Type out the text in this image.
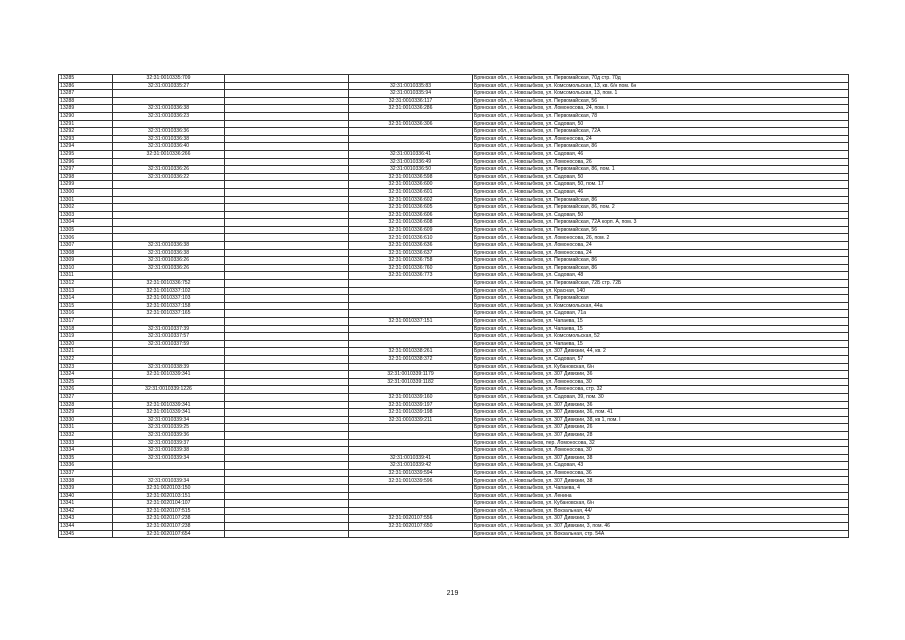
13285	32:31:0010335:709			Брянская обл., г. Новозыбков, ул. Первомайская, 70д стр. 70д
13286	32:31:0010335:27		32:31:0010335:83	Брянская обл., г. Новозыбков, ул. Комсомольская, 13, кв. 6/н пом. 6н
13287			32:31:0010335:94	Брянская обл., г. Новозыбков, ул. Комсомольская, 13, пом. 1
13288			32:31:0010336:117	Брянская обл., г. Новозыбков, ул. Первомайская, 56
13289	32:31:0010336:38		32:31:0010336:286	Брянская обл., г. Новозыбков, ул. Ломоносова, 24, пом. I
13290	32:31:0010336:23			Брянская обл., г. Новозыбков, ул. Первомайская, 78
13291			32:31:0010336:306	Брянская обл., г. Новозыбков, ул. Садовая, 50
13292	32:31:0010336:36			Брянская обл., г. Новозыбков, ул. Первомайская, 72А
13293	32:31:0010336:38			Брянская обл., г. Новозыбков, ул. Ломоносова, 24
13294	32:31:0010336:40			Брянская обл., г. Новозыбков, ул. Первомайская, 86
13295	32:31:0010336:266		32:31:0010336:41	Брянская обл., г. Новозыбков, ул. Садовая, 46
13296			32:31:0010336:49	Брянская обл., г. Новозыбков, ул. Ломоносова, 26
13297	32:31:0010336:26		32:31:0010336:50	Брянская обл., г. Новозыбков, ул. Первомайская, 86, пом. 1
13298	32:31:0010336:22		32:31:0010336:598	Брянская обл., г. Новозыбков, ул. Садовая, 50
13299			32:31:0010336:600	Брянская обл., г. Новозыбков, ул. Садовая, 50, пом. 17
13300			32:31:0010336:601	Брянская обл., г. Новозыбков, ул. Садовая, 46
13301			32:31:0010336:602	Брянская обл., г. Новозыбков, ул. Первомайская, 86
13302			32:31:0010336:605	Брянская обл., г. Новозыбков, ул. Первомайская, 86, пом. 2
13303			32:31:0010336:606	Брянская обл., г. Новозыбков, ул. Садовая, 50
13304			32:31:0010336:608	Брянская обл., г. Новозыбков, ул. Первомайская, 72А корп. А, пом. 3
13305			32:31:0010336:609	Брянская обл., г. Новозыбков, ул. Первомайская, 56
13306			32:31:0010336:610	Брянская обл., г. Новозыбков, ул. Ломоносова, 26, пом. 2
13307	32:31:0010336:38		32:31:0010336:636	Брянская обл., г. Новозыбков, ул. Ломоносова, 24
13308	32:31:0010336:38		32:31:0010336:637	Брянская обл., г. Новозыбков, ул. Ломоносова, 24
13309	32:31:0010336:26		32:31:0010336:758	Брянская обл., г. Новозыбков, ул. Первомайская, 86
13310	32:31:0010336:26		32:31:0010336:760	Брянская обл., г. Новозыбков, ул. Первомайская, 86
13311			32:31:0010336:773	Брянская обл., г. Новозыбков, ул. Садовая, 48
13312	32:31:0010336:752			Брянская обл., г. Новозыбков, ул. Первомайская, 72Б стр. 72Б
13313	32:31:0010337:102			Брянская обл., г. Новозыбков, ул. Красная, 140
13314	32:31:0010337:103			Брянская обл., г. Новозыбков, ул. Первомайская
13315	32:31:0010337:158			Брянская обл., г. Новозыбков, ул. Комсомольская, 44а
13316	32:31:0010337:165			Брянская обл., г. Новозыбков, ул. Садовая, 71а
13317			32:31:0010337:151	Брянская обл., г. Новозыбков, ул. Чапаева, 15
13318	32:31:0010337:39			Брянская обл., г. Новозыбков, ул. Чапаева, 15
13319	32:31:0010337:57			Брянская обл., г. Новозыбков, ул. Комсомольская, 52
13320	32:31:0010337:59			Брянская обл., г. Новозыбков, ул. Чапаева, 15
13321			32:31:0010338:261	Брянская обл., г. Новозыбков, ул. 307 Дивизии, 44, кв. 2
13322			32:31:0010338:372	Брянская обл., г. Новозыбков, ул. Садовая, 57
13323	32:31:0010338:39			Брянская обл., г. Новозыбков, ул. Кубановская, 6/н
13324	32:31:0010339:341		32:31:0010339:1179	Брянская обл., г. Новозыбков, ул. 307 Дивизии, 36
13325			32:31:0010339:1182	Брянская обл., г. Новозыбков, ул. Ломоносова, 30
13326	32:31:0010339:1226			Брянская обл., г. Новозыбков, ул. Ломоносова, стр. 32
13327			32:31:0010339:160	Брянская обл., г. Новозыбков, ул. Садовая, 39, пом. 30
13328	32:31:0010339:341		32:31:0010339:197	Брянская обл., г. Новозыбков, ул. 307 Дивизии, 36
13329	32:31:0010339:341		32:31:0010339:198	Брянская обл., г. Новозыбков, ул. 307 Дивизии, 36, пом. 41
13330	32:31:0010339:34		32:31:0010339:211	Брянская обл., г. Новозыбков, ул. 307 Дивизии, 38, кв 1, пом. I
13331	32:31:0010339:25			Брянская обл., г. Новозыбков, ул. 307 Дивизии, 26
13332	32:31:0010339:36			Брянская обл., г. Новозыбков, ул. 307 Дивизии, 28
13333	32:31:0010339:37			Брянская обл., г. Новозыбков, пер. Ломоносова, 32
13334	32:31:0010339:38			Брянская обл., г. Новозыбков, ул. Ломоносова, 30
13335	32:31:0010339:34		32:31:0010339:41	Брянская обл., г. Новозыбков, ул. 307 Дивизии, 38
13336			32:31:0010339:42	Брянская обл., г. Новозыбков, ул. Садовая, 43
13337			32:31:0010339:594	Брянская обл., г. Новозыбков, ул. Ломоносова, 36
13338	32:31:0010339:34		32:31:0010339:596	Брянская обл., г. Новозыбков, ул. 307 Дивизии, 38
13339	32:31:0020103:150			Брянская обл., г. Новозыбков, ул. Чапаева, 4
13340	32:31:0020103:151			Брянская обл., г. Новозыбков, ул. Ленина
13341	32:31:0020104:107			Брянская обл., г. Новозыбков, ул. Кубановская, 6/н
13342	32:31:0020107:515			Брянская обл., г. Новозыбков, ул. Вокзальная, 44/
13343	32:31:0020107:238		32:31:0020107:556	Брянская обл., г. Новозыбков, ул. 307 Дивизии, 3
13344	32:31:0020107:238		32:31:0020107:650	Брянская обл., г. Новозыбков, ул. 307 Дивизии, 3, пом. 46
13345	32:31:0020107:654			Брянская обл., г. Новозыбков, ул. Вокзальная, стр. 54А
219
